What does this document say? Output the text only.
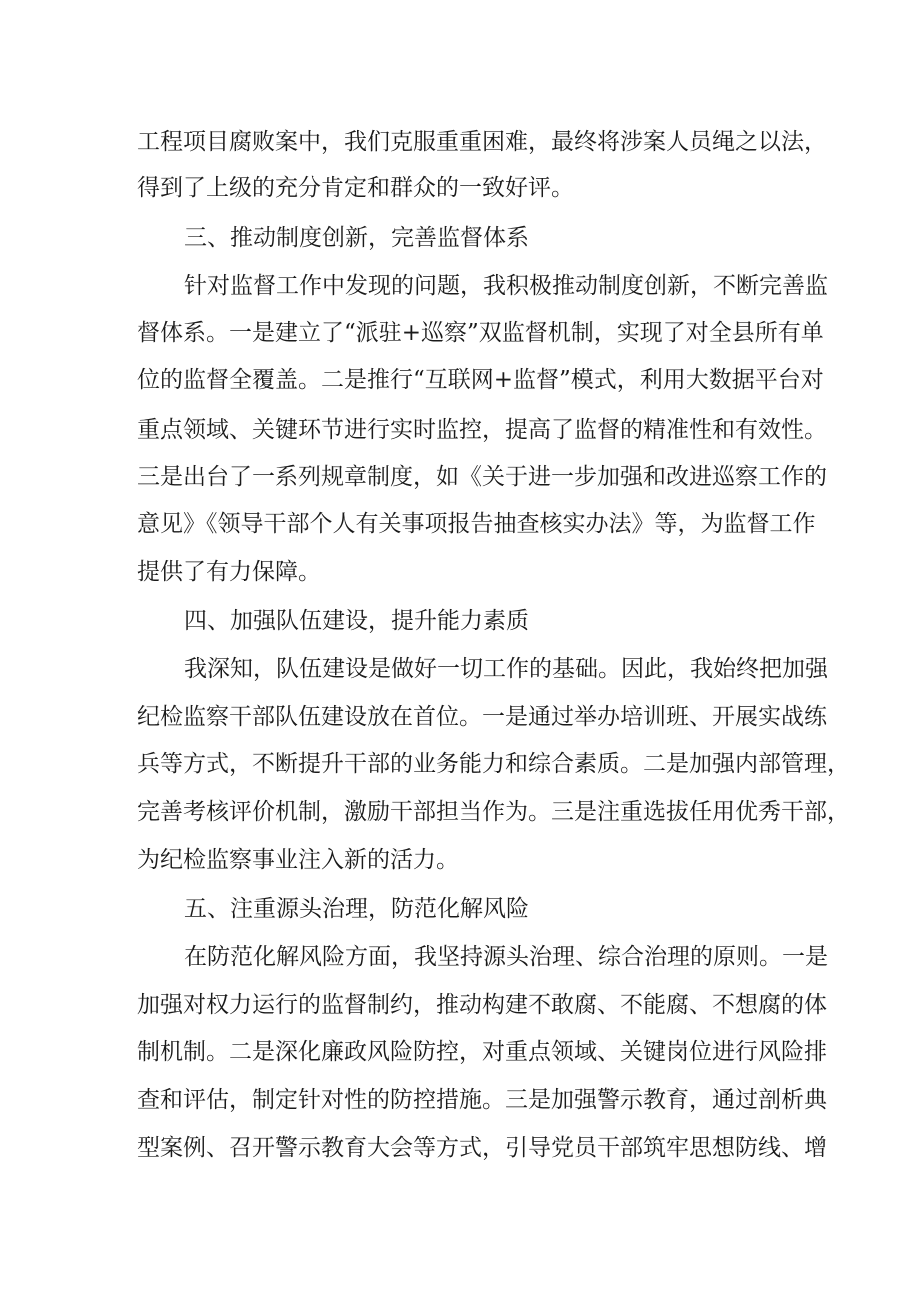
工程项目腐败案中，我们克服重重困难，最终将涉案人员绳之以法，

得到了上级的充分肯定和群众的一致好评。

三、推动制度创新，完善监督体系

针对监督工作中发现的问题，我积极推动制度创新，不断完善监

督体系。一是建立了“派驻+巡察”双监督机制，实现了对全县所有单

位的监督全覆盖。二是推行“互联网+监督”模式，利用大数据平台对

重点领域、关键环节进行实时监控，提高了监督的精准性和有效性。

三是出台了一系列规章制度，如《关于进一步加强和改进巡察工作的

意见》《领导干部个人有关事项报告抽查核实办法》等，为监督工作

提供了有力保障。

四、加强队伍建设，提升能力素质

我深知，队伍建设是做好一切工作的基础。因此，我始终把加强

纪检监察干部队伍建设放在首位。一是通过举办培训班、开展实战练

兵等方式，不断提升干部的业务能力和综合素质。二是加强内部管理，

完善考核评价机制，激励干部担当作为。三是注重选拔任用优秀干部，

为纪检监察事业注入新的活力。

五、注重源头治理，防范化解风险

在防范化解风险方面，我坚持源头治理、综合治理的原则。一是

加强对权力运行的监督制约，推动构建不敢腐、不能腐、不想腐的体

制机制。二是深化廉政风险防控，对重点领域、关键岗位进行风险排

查和评估，制定针对性的防控措施。三是加强警示教育，通过剖析典

型案例、召开警示教育大会等方式，引导党员干部筑牢思想防线、增
